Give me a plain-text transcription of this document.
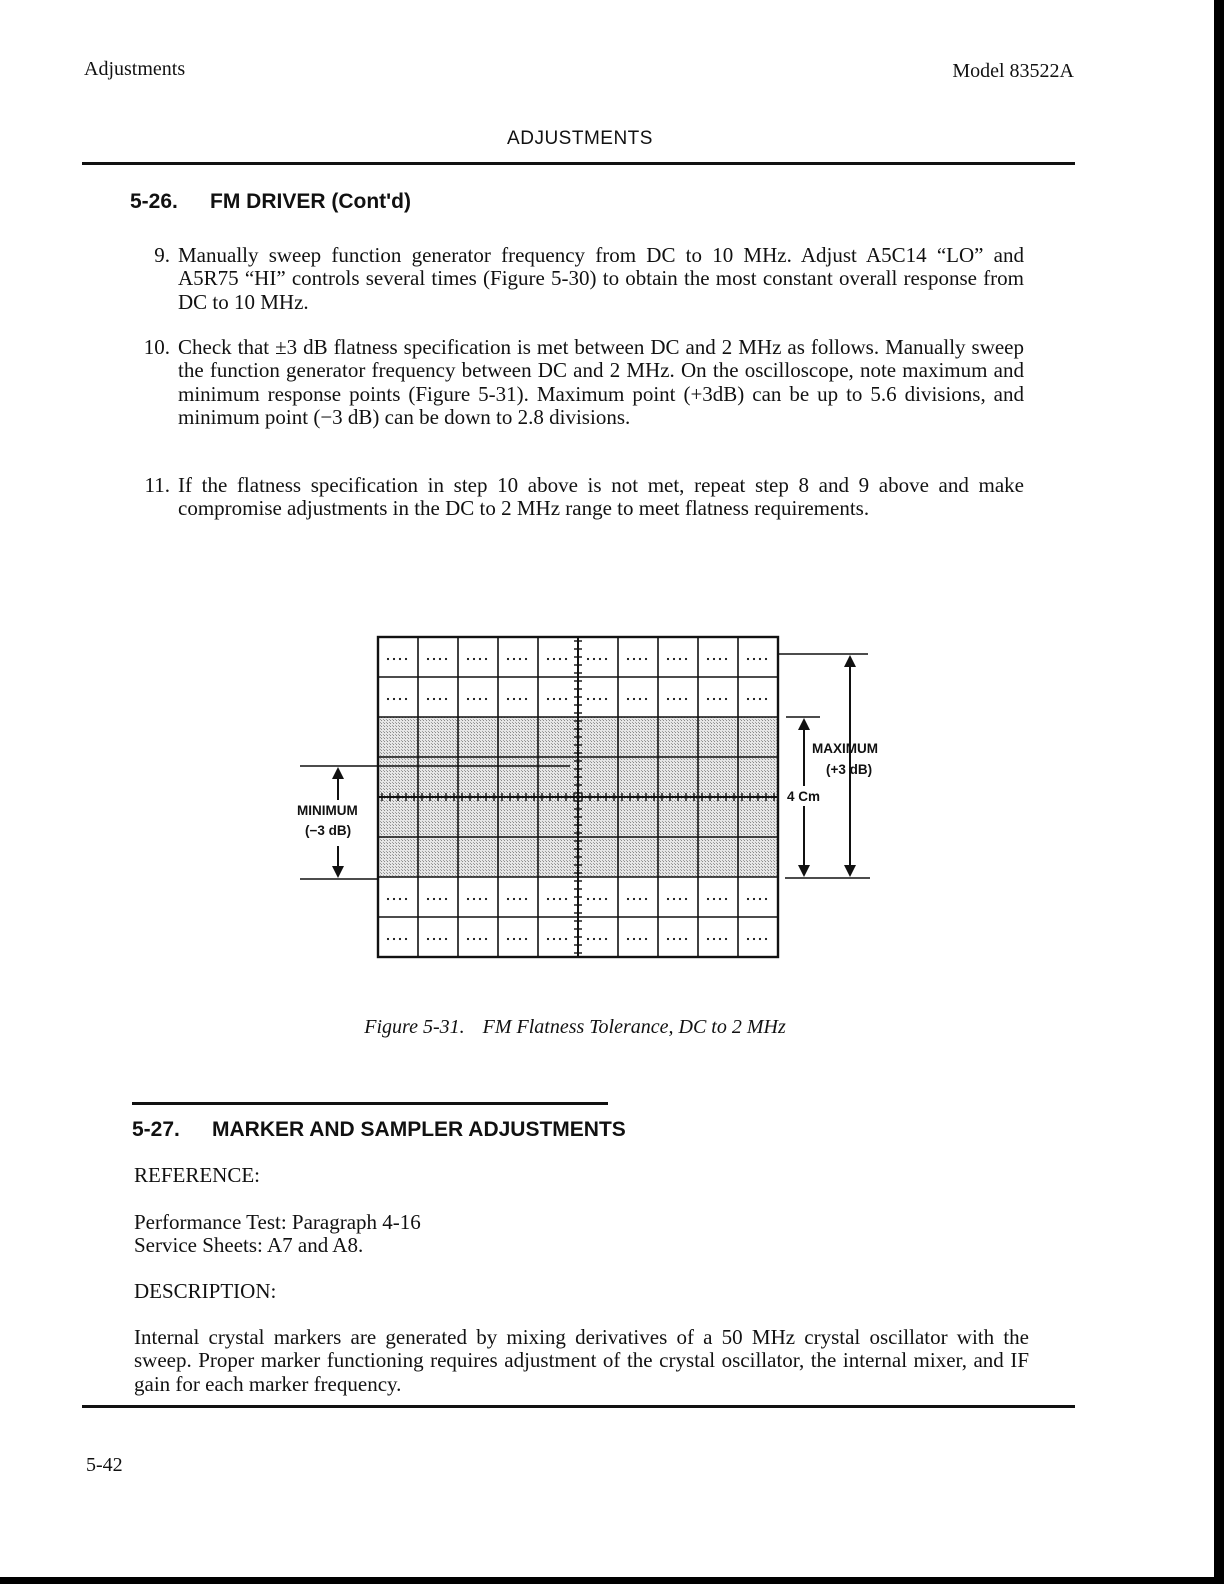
Adjustments	Model 83522A
ADJUSTMENTS
5-26. FM DRIVER (Cont'd)
9. Manually sweep function generator frequency from DC to 10 MHz. Adjust A5C14 “LO” and A5R75 “HI” controls several times (Figure 5-30) to obtain the most constant overall response from DC to 10 MHz.
10. Check that ±3 dB flatness specification is met between DC and 2 MHz as follows. Manually sweep the function generator frequency between DC and 2 MHz. On the oscilloscope, note maximum and minimum response points (Figure 5-31). Maximum point (+3dB) can be up to 5.6 divisions, and minimum point (−3 dB) can be down to 2.8 divisions.
11. If the flatness specification in step 10 above is not met, repeat step 8 and 9 above and make compromise adjustments in the DC to 2 MHz range to meet flatness requirements.
MAXIMUM
(+3 dB)
4 Cm
MINIMUM
(−3 dB)
Figure 5-31. FM Flatness Tolerance, DC to 2 MHz
5-27. MARKER AND SAMPLER ADJUSTMENTS
REFERENCE:
Performance Test: Paragraph 4-16
Service Sheets: A7 and A8.
DESCRIPTION:
Internal crystal markers are generated by mixing derivatives of a 50 MHz crystal oscillator with the sweep. Proper marker functioning requires adjustment of the crystal oscillator, the internal mixer, and IF gain for each marker frequency.
5-42
